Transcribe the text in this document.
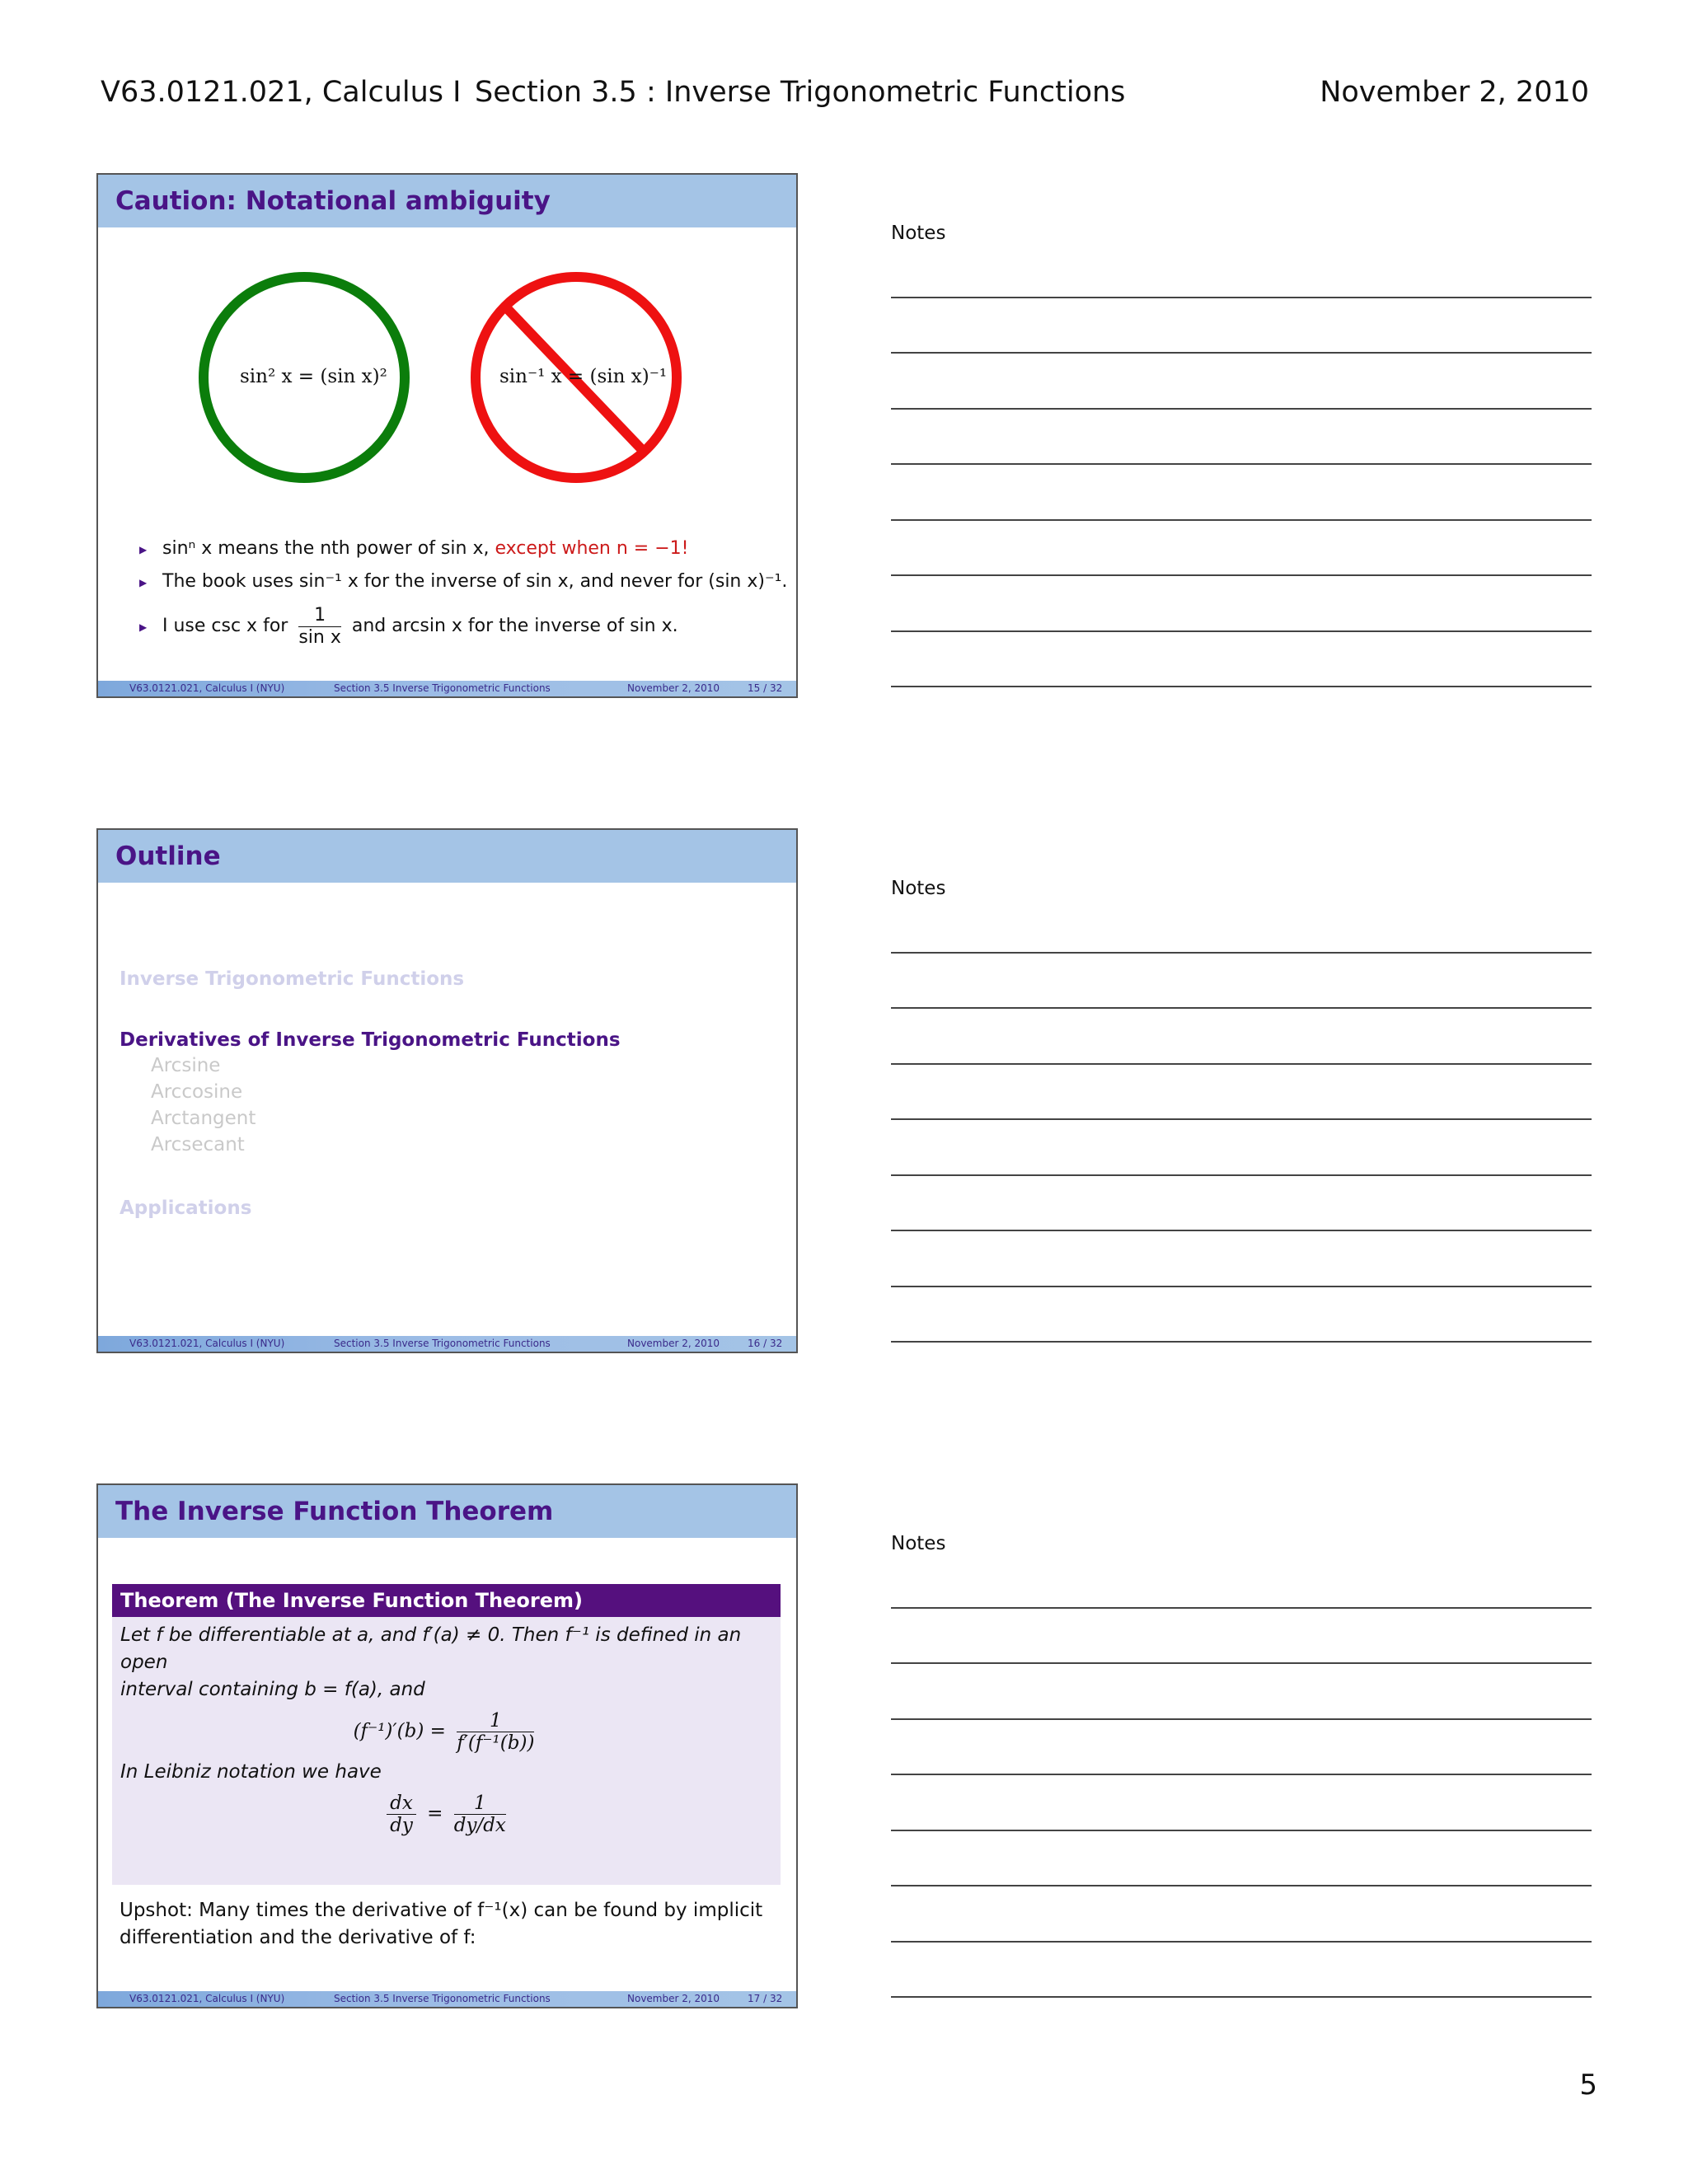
V63.0121.021, Calculus I Section 3.5 : Inverse Trigonometric Functions	November 2, 2010
Caution: Notational ambiguity
sin² x = (sin x)²	sin⁻¹ x = (sin x)⁻¹
▶ sinⁿ x means the nth power of sin x, except when n = −1!
▶ The book uses sin⁻¹ x for the inverse of sin x, and never for (sin x)⁻¹.
▶ I use csc x for $\frac{1}{\text{sin x}}$ and arcsin x for the inverse of sin x.
V63.0121.021, Calculus I (NYU)	Section 3.5 Inverse Trigonometric Functions	November 2, 2010	15 / 32
Outline
Inverse Trigonometric Functions
Derivatives of Inverse Trigonometric Functions
Arcsine
Arccosine
Arctangent
Arcsecant
Applications
V63.0121.021, Calculus I (NYU)	Section 3.5 Inverse Trigonometric Functions	November 2, 2010	16 / 32
The Inverse Function Theorem
Theorem (The Inverse Function Theorem)
Let f be differentiable at a, and f′(a) ≠ 0. Then f⁻¹ is defined in an open
interval containing b = f(a), and
$(f^{-1})'(b) = \frac{1}{\text{f′(f⁻¹(b))}}$
In Leibniz notation we have
$\frac{dx}{dy} = \frac{1}{dy/dx}$
Upshot: Many times the derivative of f⁻¹(x) can be found by implicit
differentiation and the derivative of f:
V63.0121.021, Calculus I (NYU)	Section 3.5 Inverse Trigonometric Functions	November 2, 2010	17 / 32
Notes
Notes
Notes
5
